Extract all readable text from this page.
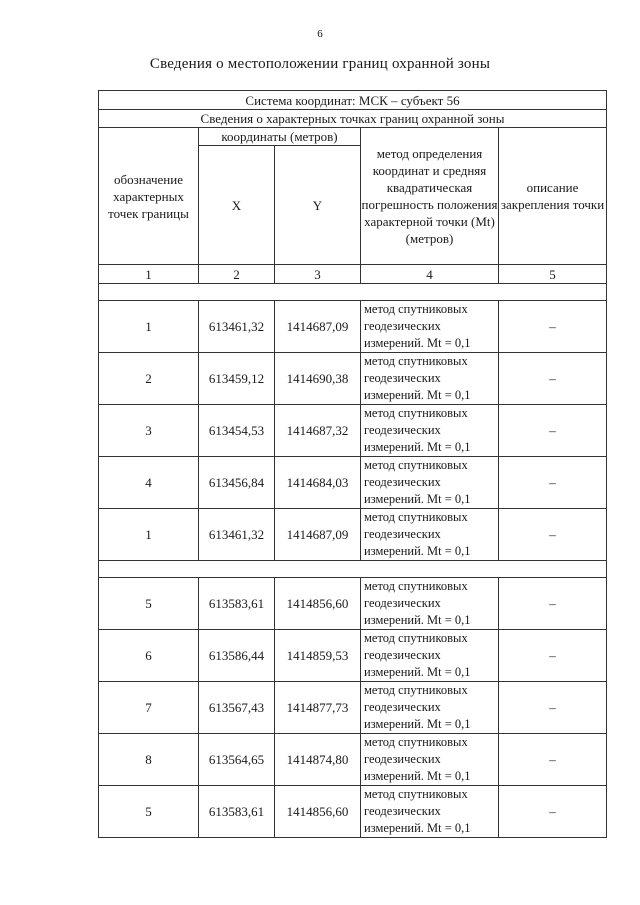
6
Сведения о местоположении границ охранной зоны
Система координат: МСК – субъект 56				
Сведения о характерных точках границ охранной зоны				
обозначение характерных точек границы	координаты (метров)		метод определения координат и средняя квадратическая погрешность положения характерной точки (Mt) (метров)	описание закрепления точки
	X	Y		
1	2	3	4	5

1	613461,32	1414687,09	метод спутниковых геодезических измерений. Mt = 0,1	–
2	613459,12	1414690,38	метод спутниковых геодезических измерений. Mt = 0,1	–
3	613454,53	1414687,32	метод спутниковых геодезических измерений. Mt = 0,1	–
4	613456,84	1414684,03	метод спутниковых геодезических измерений. Mt = 0,1	–
1	613461,32	1414687,09	метод спутниковых геодезических измерений. Mt = 0,1	–

5	613583,61	1414856,60	метод спутниковых геодезических измерений. Mt = 0,1	–
6	613586,44	1414859,53	метод спутниковых геодезических измерений. Mt = 0,1	–
7	613567,43	1414877,73	метод спутниковых геодезических измерений. Mt = 0,1	–
8	613564,65	1414874,80	метод спутниковых геодезических измерений. Mt = 0,1	–
5	613583,61	1414856,60	метод спутниковых геодезических измерений. Mt = 0,1	–
